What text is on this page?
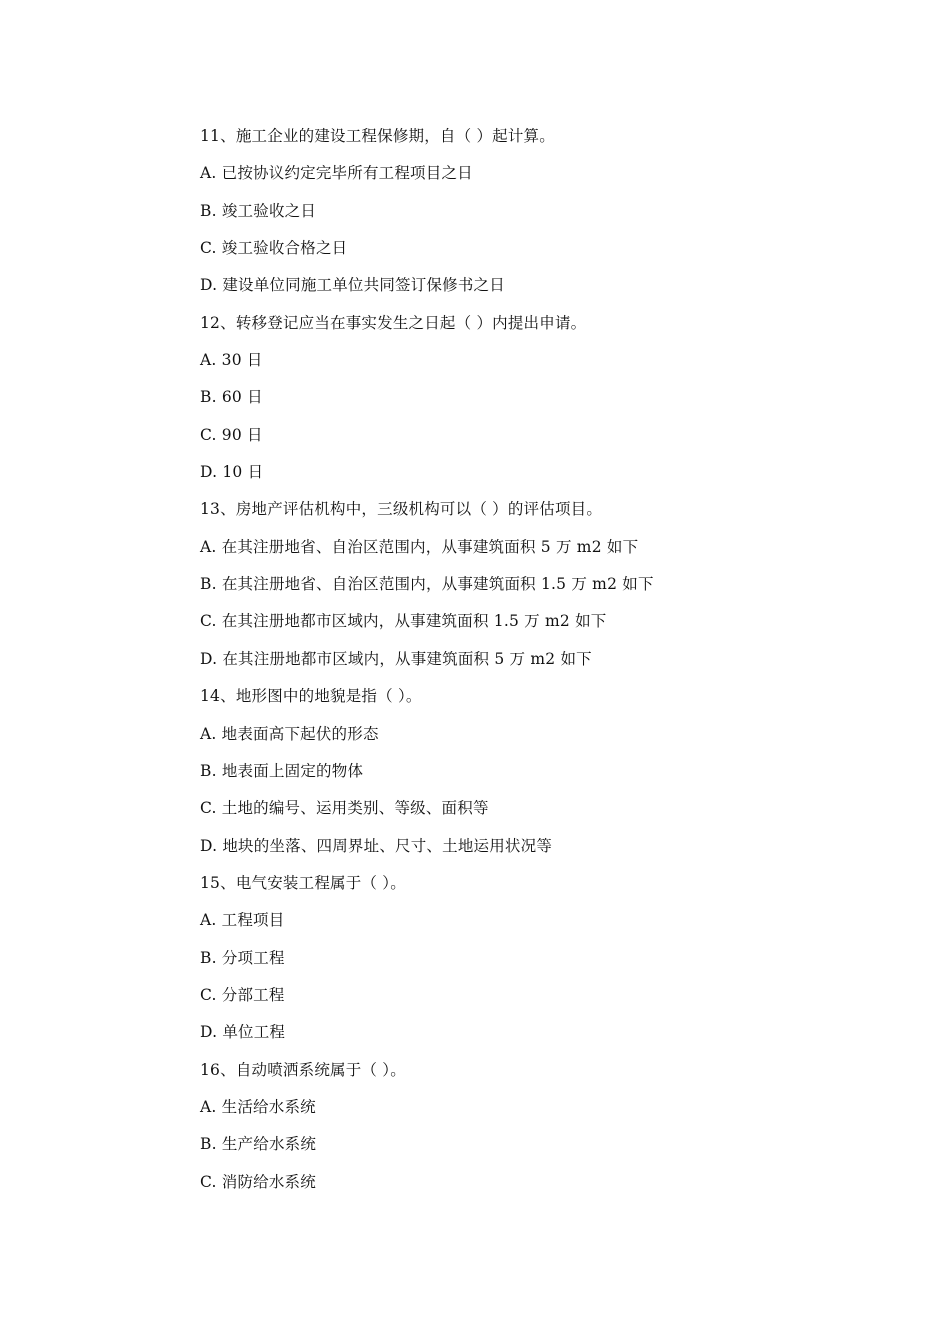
11、施工企业的建设工程保修期，自（ ）起计算。
A. 已按协议约定完毕所有工程项目之日
B. 竣工验收之日
C. 竣工验收合格之日
D. 建设单位同施工单位共同签订保修书之日
12、转移登记应当在事实发生之日起（ ）内提出申请。
A. 30 日
B. 60 日
C. 90 日
D. 10 日
13、房地产评估机构中，三级机构可以（ ）的评估项目。
A. 在其注册地省、自治区范围内，从事建筑面积 5 万 m2 如下
B. 在其注册地省、自治区范围内，从事建筑面积 1.5 万 m2 如下
C. 在其注册地都市区域内，从事建筑面积 1.5 万 m2 如下
D. 在其注册地都市区域内，从事建筑面积 5 万 m2 如下
14、地形图中的地貌是指（ ）。
A. 地表面高下起伏的形态
B. 地表面上固定的物体
C. 土地的编号、运用类别、等级、面积等
D. 地块的坐落、四周界址、尺寸、土地运用状况等
15、电气安装工程属于（ ）。
A. 工程项目
B. 分项工程
C. 分部工程
D. 单位工程
16、自动喷洒系统属于（ ）。
A. 生活给水系统
B. 生产给水系统
C. 消防给水系统
